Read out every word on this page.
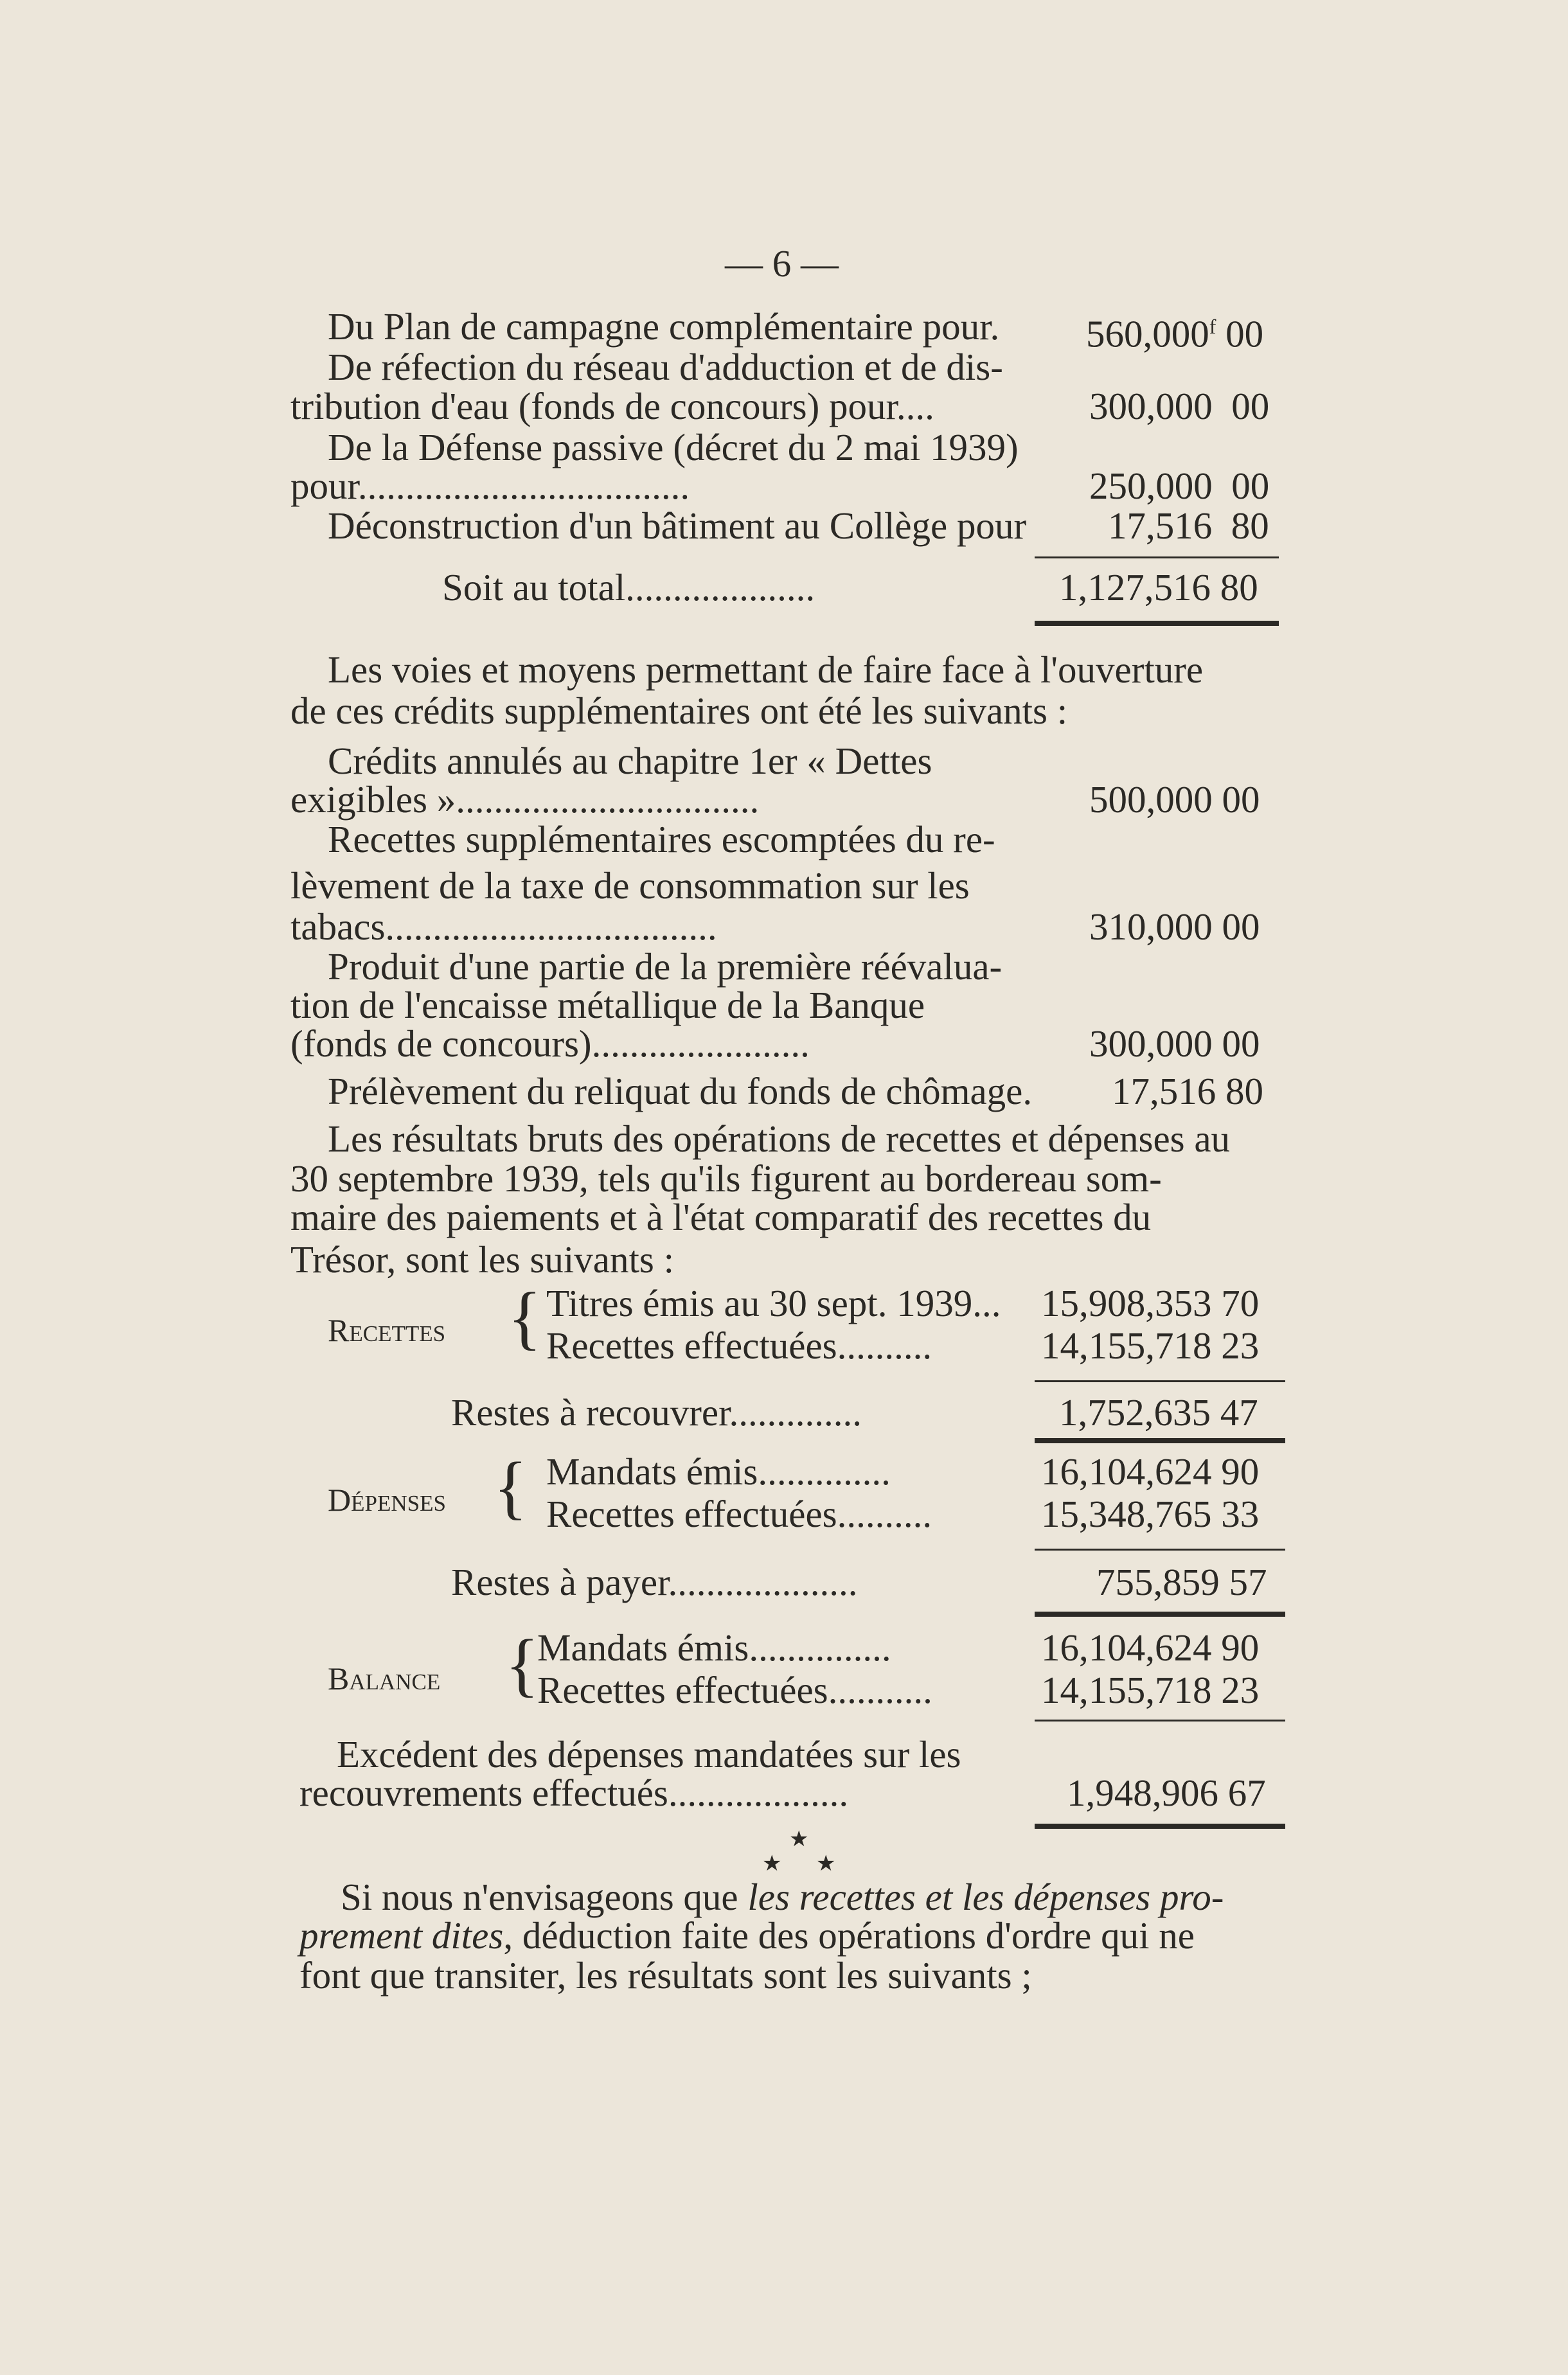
— 6 —
Du Plan de campagne complémentaire pour. 560,000$^f$ 00
De réfection du réseau d'adduction et de dis-
tribution d'eau (fonds de concours) pour....	300,000 00
De la Défense passive (décret du 2 mai 1939)
pour...................................	250,000 00
Déconstruction d'un bâtiment au Collège pour 17,516 80
Soit au total....................	1,127,516 80
Les voies et moyens permettant de faire face à l'ouverture
de ces crédits supplémentaires ont été les suivants :
Crédits annulés au chapitre 1er « Dettes
exigibles »................................	500,000 00
Recettes supplémentaires escomptées du re-
lèvement de la taxe de consommation sur les
tabacs...................................	310,000 00
Produit d'une partie de la première réévalua-
tion de l'encaisse métallique de la Banque
(fonds de concours).......................	300,000 00
Prélèvement du reliquat du fonds de chômage. 17,516 80
Les résultats bruts des opérations de recettes et dépenses au
30 septembre 1939, tels qu'ils figurent au bordereau som-
maire des paiements et à l'état comparatif des recettes du
Trésor, sont les suivants :
Recettes { Titres émis au 30 sept. 1939... 15,908,353 70
Recettes effectuées..........	14,155,718 23
Restes à recouvrer..............	1,752,635 47
Dépenses { Mandats émis..............	16,104,624 90
Recettes effectuées..........	15,348,765 33
Restes à payer....................	755,859 57
Balance {
Mandats émis...............	16,104,624 90
Recettes effectuées...........	14,155,718 23
Excédent des dépenses mandatées sur les
recouvrements effectués...................	1,948,906 67
★
★ ★
Si nous n'envisageons que les recettes et les dépenses pro-
prement dites, déduction faite des opérations d'ordre qui ne
font que transiter, les résultats sont les suivants ;
